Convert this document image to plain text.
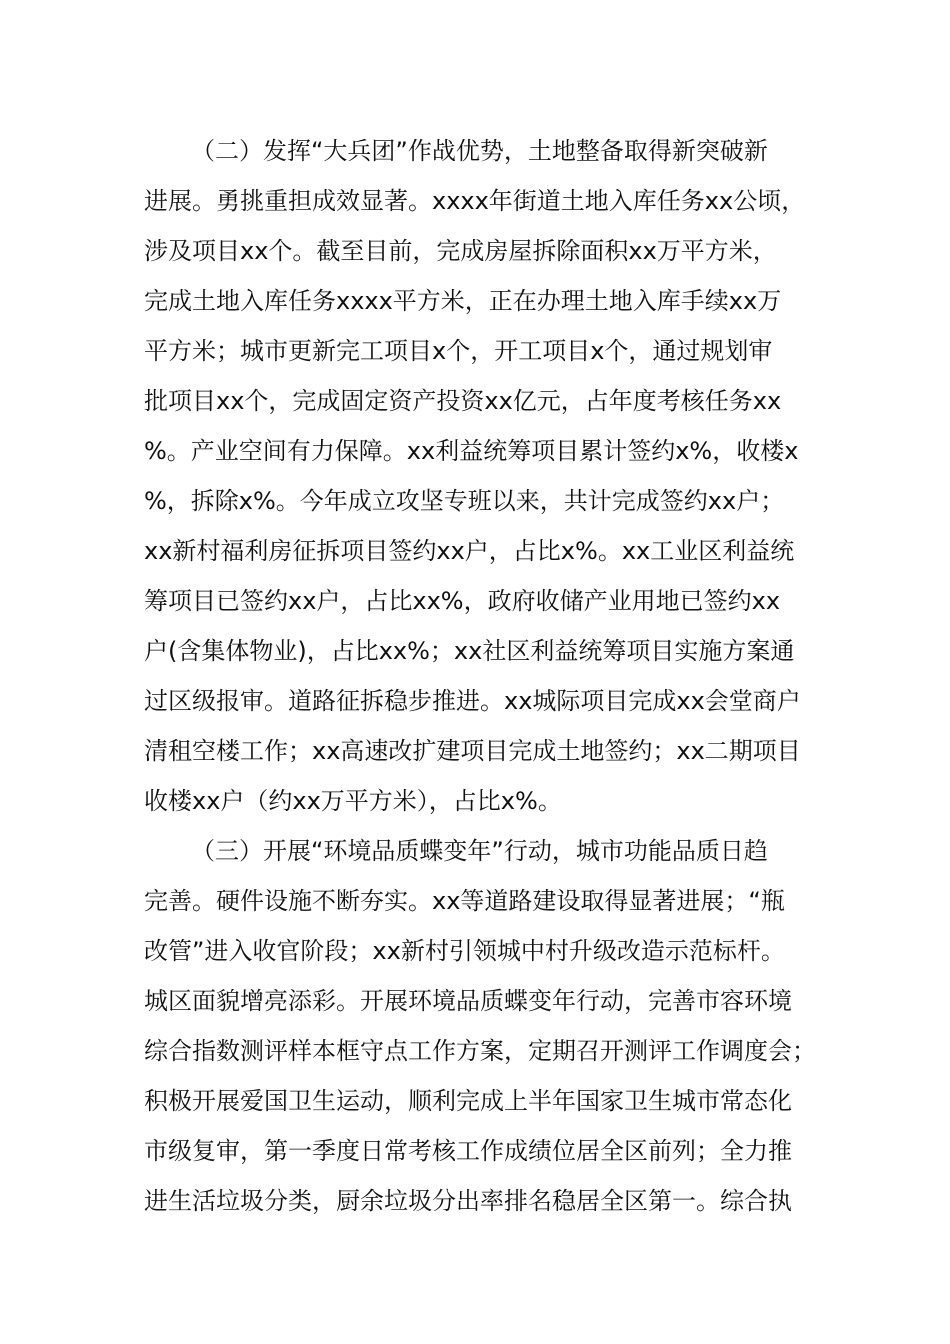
（二）发挥“大兵团”作战优势，土地整备取得新突破新
进展。勇挑重担成效显著。xxxx年街道土地入库任务xx公顷，
涉及项目xx个。截至目前，完成房屋拆除面积xx万平方米，
完成土地入库任务xxxx平方米，正在办理土地入库手续xx万
平方米；城市更新完工项目x个，开工项目x个，通过规划审
批项目xx个，完成固定资产投资xx亿元，占年度考核任务xx
%。产业空间有力保障。xx利益统筹项目累计签约x%，收楼x
%，拆除x%。今年成立攻坚专班以来，共计完成签约xx户；
xx新村福利房征拆项目签约xx户，占比x%。xx工业区利益统
筹项目已签约xx户，占比xx%，政府收储产业用地已签约xx
户(含集体物业)，占比xx%；xx社区利益统筹项目实施方案通
过区级报审。道路征拆稳步推进。xx城际项目完成xx会堂商户
清租空楼工作；xx高速改扩建项目完成土地签约；xx二期项目
收楼xx户（约xx万平方米），占比x%。
（三）开展“环境品质蝶变年”行动，城市功能品质日趋
完善。硬件设施不断夯实。xx等道路建设取得显著进展；“瓶
改管”进入收官阶段；xx新村引领城中村升级改造示范标杆。
城区面貌增亮添彩。开展环境品质蝶变年行动，完善市容环境
综合指数测评样本框守点工作方案，定期召开测评工作调度会；
积极开展爱国卫生运动，顺利完成上半年国家卫生城市常态化
市级复审，第一季度日常考核工作成绩位居全区前列；全力推
进生活垃圾分类，厨余垃圾分出率排名稳居全区第一。综合执
